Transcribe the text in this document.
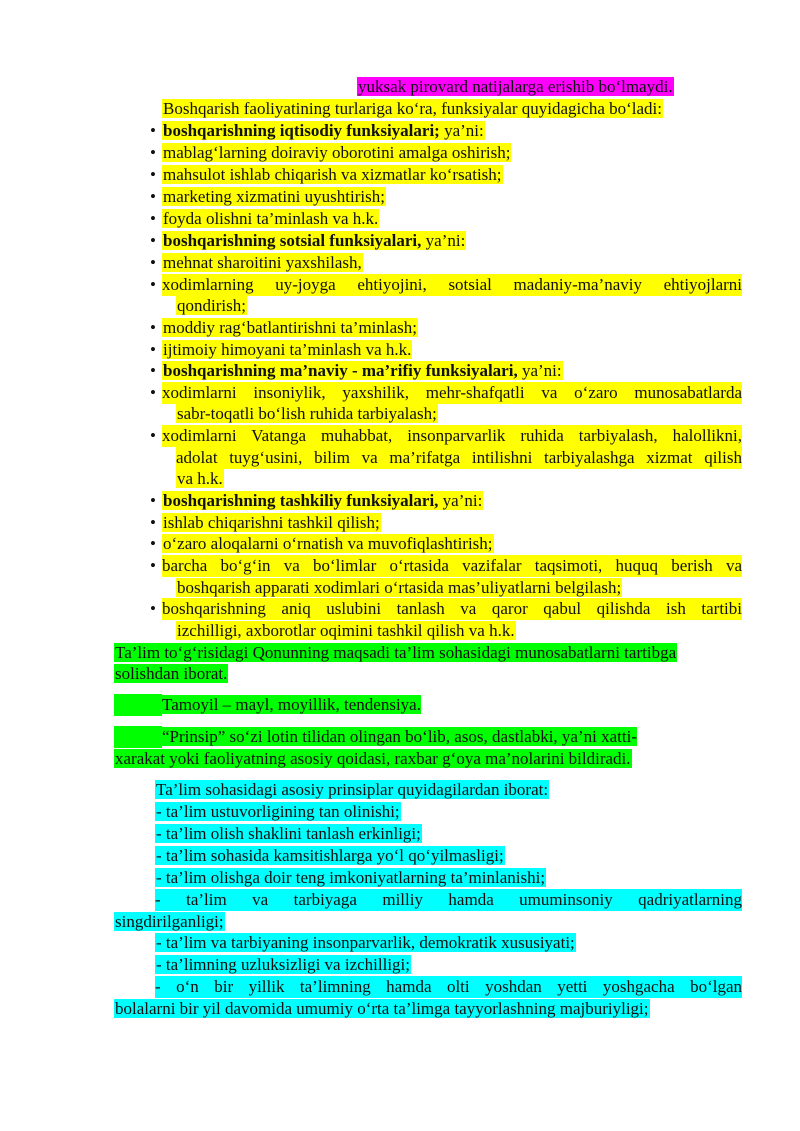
yuksak pirovard natijalarga erishib bo‘lmaydi.
Boshqarish faoliyatining turlariga ko‘ra, funksiyalar quyidagicha bo‘ladi:
• boshqarishning iqtisodiy funksiyalari; ya’ni:
• mablag‘larning doiraviy oborotini amalga oshirish;
• mahsulot ishlab chiqarish va xizmatlar ko‘rsatish;
• marketing xizmatini uyushtirish;
• foyda olishni ta’minlash va h.k.
• boshqarishning sotsial funksiyalari, ya’ni:
• mehnat sharoitini yaxshilash,
• xodimlarning uy-joyga ehtiyojini, sotsial madaniy-ma’naviy ehtiyojlarni
qondirish;
• moddiy rag‘batlantirishni ta’minlash;
• ijtimoiy himoyani ta’minlash va h.k.
• boshqarishning ma’naviy - ma’rifiy funksiyalari, ya’ni:
• xodimlarni insoniylik, yaxshilik, mehr-shafqatli va o‘zaro munosabatlarda
sabr-toqatli bo‘lish ruhida tarbiyalash;
• xodimlarni Vatanga muhabbat, insonparvarlik ruhida tarbiyalash, halollikni,
adolat tuyg‘usini, bilim va ma’rifatga intilishni tarbiyalashga xizmat qilish
va h.k.
• boshqarishning tashkiliy funksiyalari, ya’ni:
• ishlab chiqarishni tashkil qilish;
• o‘zaro aloqalarni o‘rnatish va muvofiqlashtirish;
• barcha bo‘g‘in va bo‘limlar o‘rtasida vazifalar taqsimoti, huquq berish va
boshqarish apparati xodimlari o‘rtasida mas’uliyatlarni belgilash;
• boshqarishning aniq uslubini tanlash va qaror qabul qilishda ish tartibi
izchilligi, axborotlar oqimini tashkil qilish va h.k.
Ta’lim to‘g‘risidagi Qonunning maqsadi ta’lim sohasidagi munosabatlarni tartibga
solishdan iborat.
Tamoyil – mayl, moyillik, tendensiya.
“Prinsip” so‘zi lotin tilidan olingan bo‘lib, asos, dastlabki, ya’ni xatti-
xarakat yoki faoliyatning asosiy qoidasi, raxbar g‘oya ma’nolarini bildiradi.
Ta’lim sohasidagi asosiy prinsiplar quyidagilardan iborat:
- ta’lim ustuvorligining tan olinishi;
- ta’lim olish shaklini tanlash erkinligi;
- ta’lim sohasida kamsitishlarga yo‘l qo‘yilmasligi;
- ta’lim olishga doir teng imkoniyatlarning ta’minlanishi;
- ta’lim va tarbiyaga milliy hamda umuminsoniy qadriyatlarning
singdirilganligi;
- ta’lim va tarbiyaning insonparvarlik, demokratik xususiyati;
- ta’limning uzluksizligi va izchilligi;
- o‘n bir yillik ta’limning hamda olti yoshdan yetti yoshgacha bo‘lgan
bolalarni bir yil davomida umumiy o‘rta ta’limga tayyorlashning majburiyligi;
